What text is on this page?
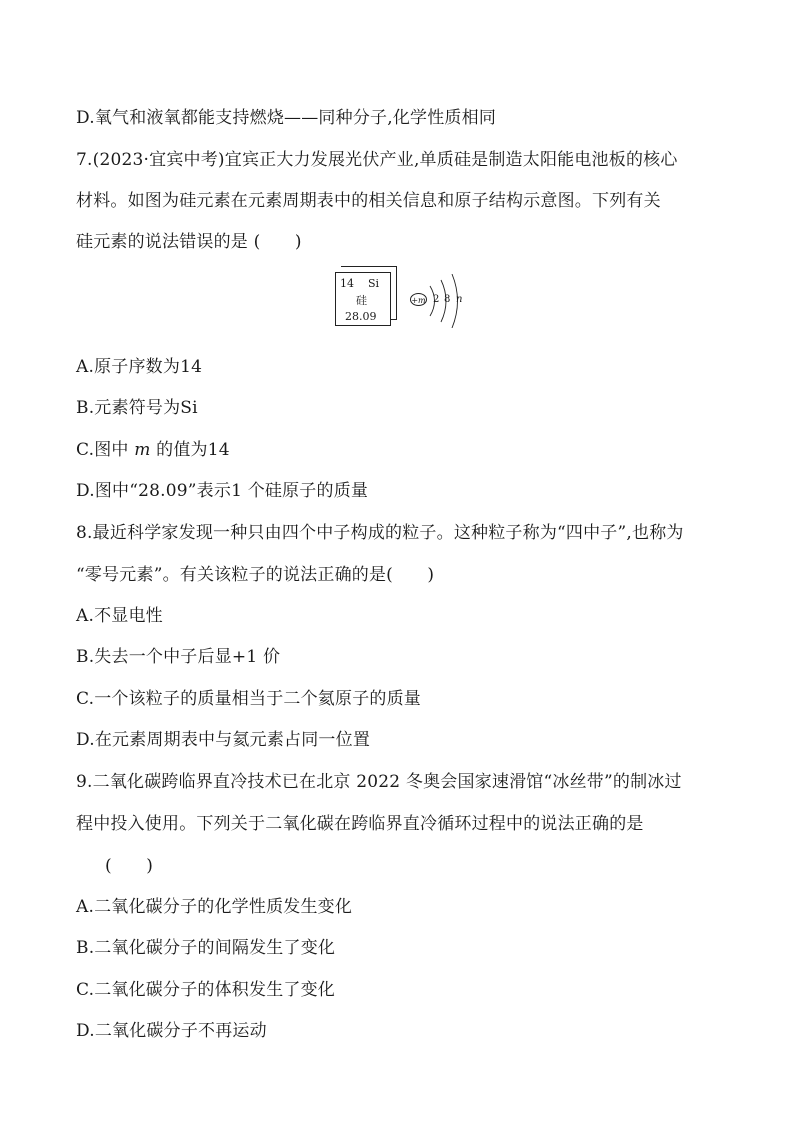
D.氧气和液氧都能支持燃烧——同种分子,化学性质相同
7.(2023·宜宾中考)宜宾正大力发展光伏产业,单质硅是制造太阳能电池板的核心
材料。如图为硅元素在元素周期表中的相关信息和原子结构示意图。下列有关
硅元素的说法错误的是 (　　)
14 Si
硅
28.09
+m 2 8 n
A.原子序数为14
B.元素符号为Si
C.图中 m 的值为14
D.图中“28.09”表示1 个硅原子的质量
8.最近科学家发现一种只由四个中子构成的粒子。这种粒子称为“四中子”,也称为
“零号元素”。有关该粒子的说法正确的是(　　)
A.不显电性
B.失去一个中子后显+1 价
C.一个该粒子的质量相当于二个氦原子的质量
D.在元素周期表中与氦元素占同一位置
9.二氧化碳跨临界直冷技术已在北京 2022 冬奥会国家速滑馆“冰丝带”的制冰过
程中投入使用。下列关于二氧化碳在跨临界直冷循环过程中的说法正确的是
(　　)
A.二氧化碳分子的化学性质发生变化
B.二氧化碳分子的间隔发生了变化
C.二氧化碳分子的体积发生了变化
D.二氧化碳分子不再运动
